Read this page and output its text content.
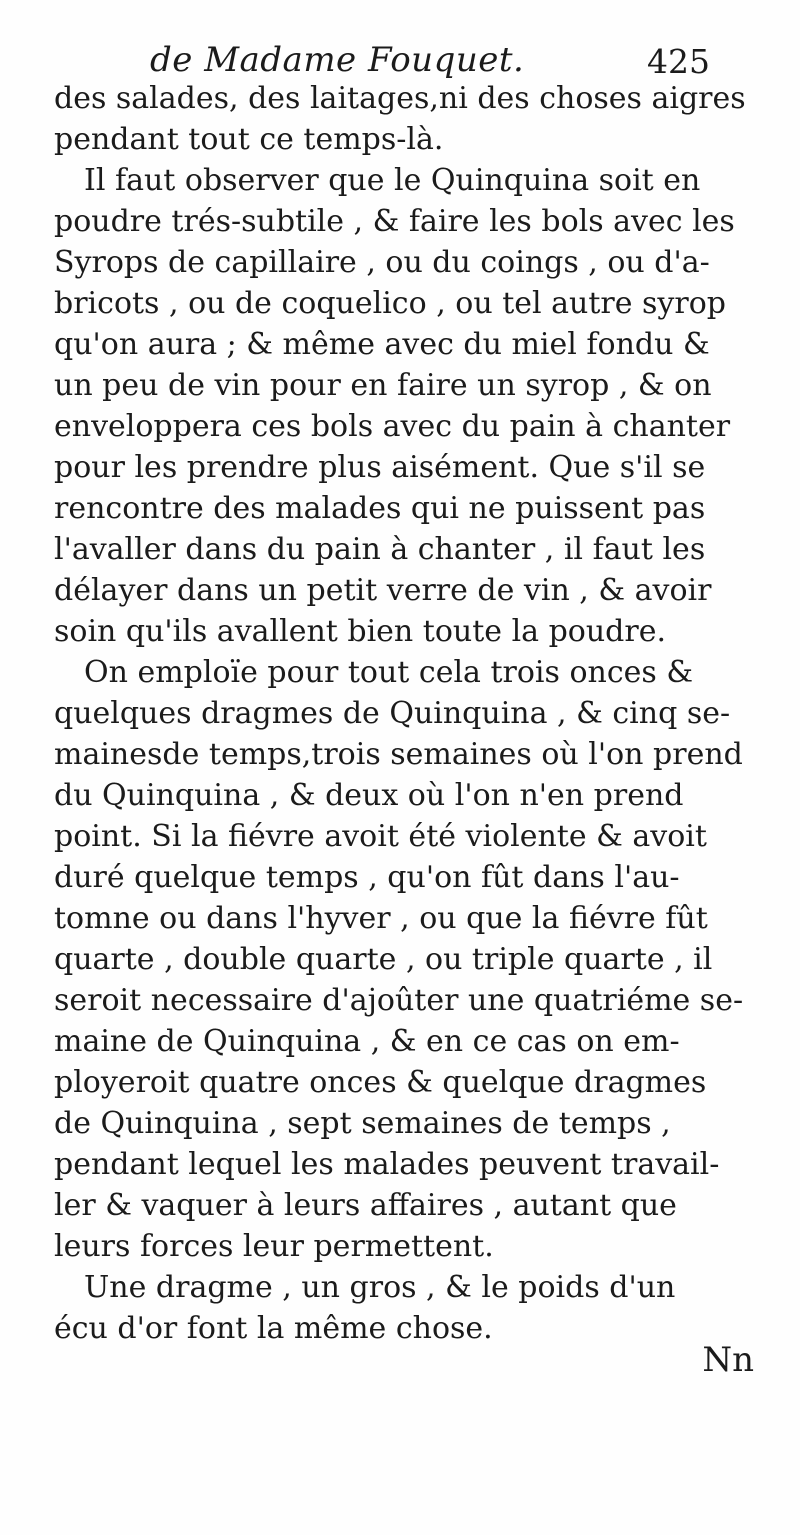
de Madame Fouquet.	425
des salades, des laitages,ni des choses aigres
pendant tout ce temps-là.
Il faut observer que le Quinquina soit en
poudre trés-subtile , & faire les bols avec les
Syrops de capillaire , ou du coings , ou d'a-
bricots , ou de coquelico , ou tel autre syrop
qu'on aura ; & même avec du miel fondu &
un peu de vin pour en faire un syrop , & on
enveloppera ces bols avec du pain à chanter
pour les prendre plus aisément. Que s'il se
rencontre des malades qui ne puissent pas
l'avaller dans du pain à chanter , il faut les
délayer dans un petit verre de vin , & avoir
soin qu'ils avallent bien toute la poudre.
On emploïe pour tout cela trois onces &
quelques dragmes de Quinquina , & cinq se-
mainesde temps,trois semaines où l'on prend
du Quinquina , & deux où l'on n'en prend
point. Si la fiévre avoit été violente & avoit
duré quelque temps , qu'on fût dans l'au-
tomne ou dans l'hyver , ou que la fiévre fût
quarte , double quarte , ou triple quarte , il
seroit necessaire d'ajoûter une quatriéme se-
maine de Quinquina , & en ce cas on em-
ployeroit quatre onces & quelque dragmes
de Quinquina , sept semaines de temps ,
pendant lequel les malades peuvent travail-
ler & vaquer à leurs affaires , autant que
leurs forces leur permettent.
Une dragme , un gros , & le poids d'un
écu d'or font la même chose.
Nn
